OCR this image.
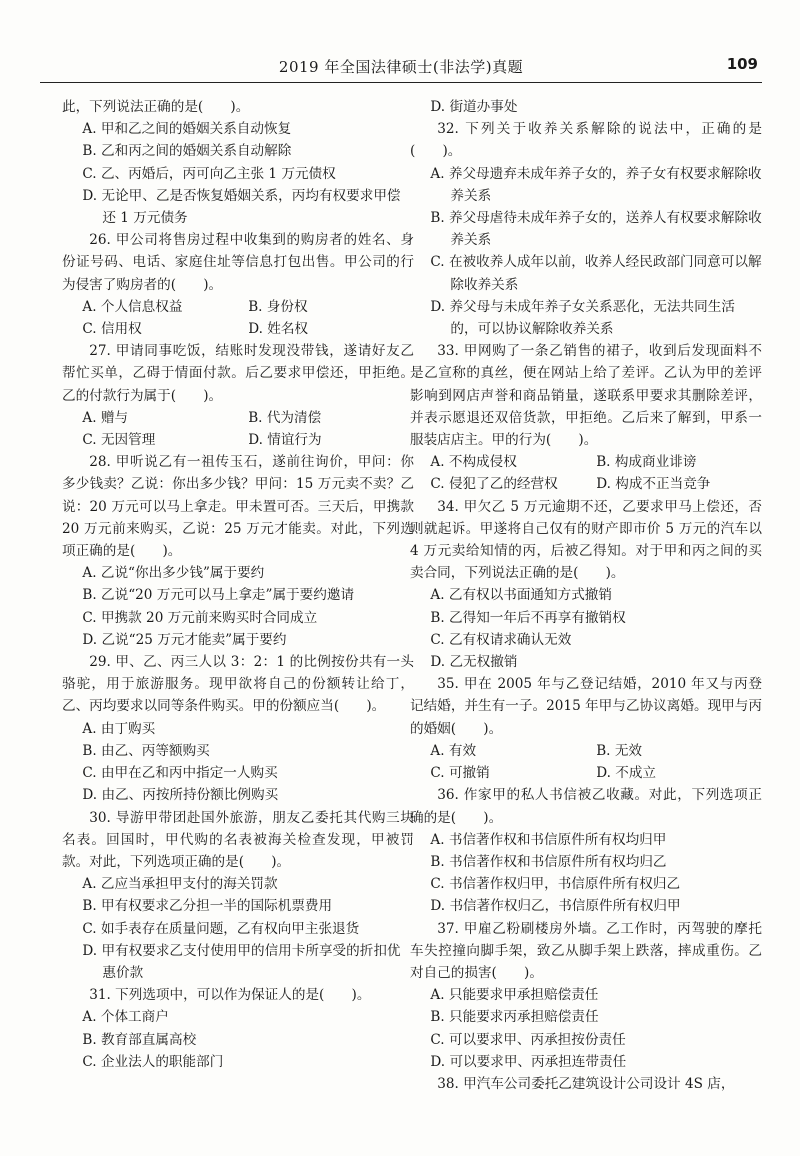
2019 年全国法律硕士(非法学)真题	109
此，下列说法正确的是(　　)。
A. 甲和乙之间的婚姻关系自动恢复
B. 乙和丙之间的婚姻关系自动解除
C. 乙、丙婚后，丙可向乙主张 1 万元债权
D. 无论甲、乙是否恢复婚姻关系，丙均有权要求甲偿还 1 万元债务
26. 甲公司将售房过程中收集到的购房者的姓名、身份证号码、电话、家庭住址等信息打包出售。甲公司的行为侵害了购房者的(　　)。
A. 个人信息权益	B. 身份权
C. 信用权	D. 姓名权
27. 甲请同事吃饭，结账时发现没带钱，遂请好友乙帮忙买单，乙碍于情面付款。后乙要求甲偿还，甲拒绝。乙的付款行为属于(　　)。
A. 赠与	B. 代为清偿
C. 无因管理	D. 情谊行为
28. 甲听说乙有一祖传玉石，遂前往询价，甲问：你多少钱卖？乙说：你出多少钱？甲问：15 万元卖不卖？乙说：20 万元可以马上拿走。甲未置可否。三天后，甲携款 20 万元前来购买，乙说：25 万元才能卖。对此，下列选项正确的是(　　)。
A. 乙说“你出多少钱”属于要约
B. 乙说“20 万元可以马上拿走”属于要约邀请
C. 甲携款 20 万元前来购买时合同成立
D. 乙说“25 万元才能卖”属于要约
29. 甲、乙、丙三人以 3：2：1 的比例按份共有一头骆驼，用于旅游服务。现甲欲将自己的份额转让给丁，乙、丙均要求以同等条件购买。甲的份额应当(　　)。
A. 由丁购买
B. 由乙、丙等额购买
C. 由甲在乙和丙中指定一人购买
D. 由乙、丙按所持份额比例购买
30. 导游甲带团赴国外旅游，朋友乙委托其代购三块名表。回国时，甲代购的名表被海关检查发现，甲被罚款。对此，下列选项正确的是(　　)。
A. 乙应当承担甲支付的海关罚款
B. 甲有权要求乙分担一半的国际机票费用
C. 如手表存在质量问题，乙有权向甲主张退货
D. 甲有权要求乙支付使用甲的信用卡所享受的折扣优惠价款
31. 下列选项中，可以作为保证人的是(　　)。
A. 个体工商户
B. 教育部直属高校
C. 企业法人的职能部门
D. 街道办事处
32. 下列关于收养关系解除的说法中，正确的是(　　)。
A. 养父母遗弃未成年养子女的，养子女有权要求解除收养关系
B. 养父母虐待未成年养子女的，送养人有权要求解除收养关系
C. 在被收养人成年以前，收养人经民政部门同意可以解除收养关系
D. 养父母与未成年养子女关系恶化，无法共同生活的，可以协议解除收养关系
33. 甲网购了一条乙销售的裙子，收到后发现面料不是乙宣称的真丝，便在网站上给了差评。乙认为甲的差评影响到网店声誉和商品销量，遂联系甲要求其删除差评，并表示愿退还双倍货款，甲拒绝。乙后来了解到，甲系一服装店店主。甲的行为(　　)。
A. 不构成侵权	B. 构成商业诽谤
C. 侵犯了乙的经营权	D. 构成不正当竞争
34. 甲欠乙 5 万元逾期不还，乙要求甲马上偿还，否则就起诉。甲遂将自己仅有的财产即市价 5 万元的汽车以 4 万元卖给知情的丙，后被乙得知。对于甲和丙之间的买卖合同，下列说法正确的是(　　)。
A. 乙有权以书面通知方式撤销
B. 乙得知一年后不再享有撤销权
C. 乙有权请求确认无效
D. 乙无权撤销
35. 甲在 2005 年与乙登记结婚，2010 年又与丙登记结婚，并生有一子。2015 年甲与乙协议离婚。现甲与丙的婚姻(　　)。
A. 有效	B. 无效
C. 可撤销	D. 不成立
36. 作家甲的私人书信被乙收藏。对此，下列选项正确的是(　　)。
A. 书信著作权和书信原件所有权均归甲
B. 书信著作权和书信原件所有权均归乙
C. 书信著作权归甲，书信原件所有权归乙
D. 书信著作权归乙，书信原件所有权归甲
37. 甲雇乙粉刷楼房外墙。乙工作时，丙驾驶的摩托车失控撞向脚手架，致乙从脚手架上跌落，摔成重伤。乙对自己的损害(　　)。
A. 只能要求甲承担赔偿责任
B. 只能要求丙承担赔偿责任
C. 可以要求甲、丙承担按份责任
D. 可以要求甲、丙承担连带责任
38. 甲汽车公司委托乙建筑设计公司设计 4S 店，
